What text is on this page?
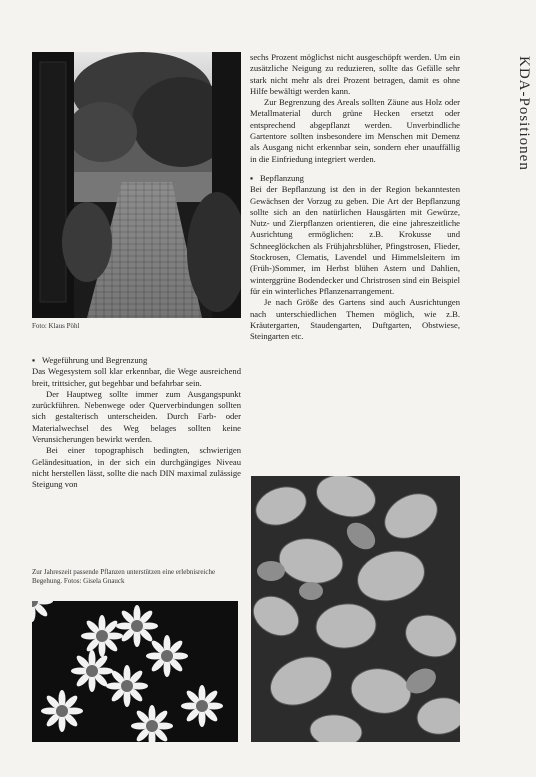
KDA-Positionen
Foto: Klaus Pöhl
▪ Wegeführung und Begrenzung

Das Wegesystem soll klar erkennbar, die Wege ausreichend breit, trittsicher, gut begehbar und befahrbar sein.

Der Hauptweg sollte immer zum Ausgangspunkt zurückführen. Nebenwege oder Querverbindungen sollten sich gestalterisch unterscheiden. Durch Farb- oder Materialwechsel des Weg belages sollten keine Verunsicherungen bewirkt werden.

Bei einer topographisch bedingten, schwierigen Geländesituation, in der sich ein durchgängiges Niveau nicht herstellen lässt, sollte die nach DIN maximal zulässige Steigung von

sechs Prozent möglichst nicht ausgeschöpft werden. Um ein zusätzliche Neigung zu reduzieren, sollte das Gefälle sehr stark nicht mehr als drei Prozent betragen, damit es ohne Hilfe bewältigt werden kann.

Zur Begrenzung des Areals sollten Zäune aus Holz oder Metallmaterial durch grüne Hecken ersetzt oder entsprechend abgepflanzt werden. Unverbindliche Gartentore sollten insbesondere im Menschen mit Demenz als Ausgang nicht erkennbar sein, sondern eher unauffällig in die Einfriedung integriert werden.

▪ Bepflanzung

Bei der Bepflanzung ist den in der Region bekanntesten Gewächsen der Vorzug zu geben. Die Art der Bepflanzung sollte sich an den natürlichen Hausgärten mit Gewürze, Nutz- und Zierpflanzen orientieren, die eine jahreszeitliche Ausrichtung ermöglichen: z.B. Krokusse und Schneeglöckchen als Frühjahrsblüher, Pfingstrosen, Flieder, Stockrosen, Clematis, Lavendel und Himmelsleitern im (Früh-)Sommer, im Herbst blühen Astern und Dahlien, winterggrüne Bodendecker und Christrosen sind ein Beispiel für ein winterliches Pflanzenarrangement.

Je nach Größe des Gartens sind auch Ausrichtungen nach unterschiedlichen Themen möglich, wie z.B. Kräutergarten, Staudengarten, Duftgarten, Obstwiese, Steingarten etc.

Zur Jahreszeit passende Pflanzen unterstützen eine erlebnisreiche Begehung. Fotos: Gisela Gnauck
